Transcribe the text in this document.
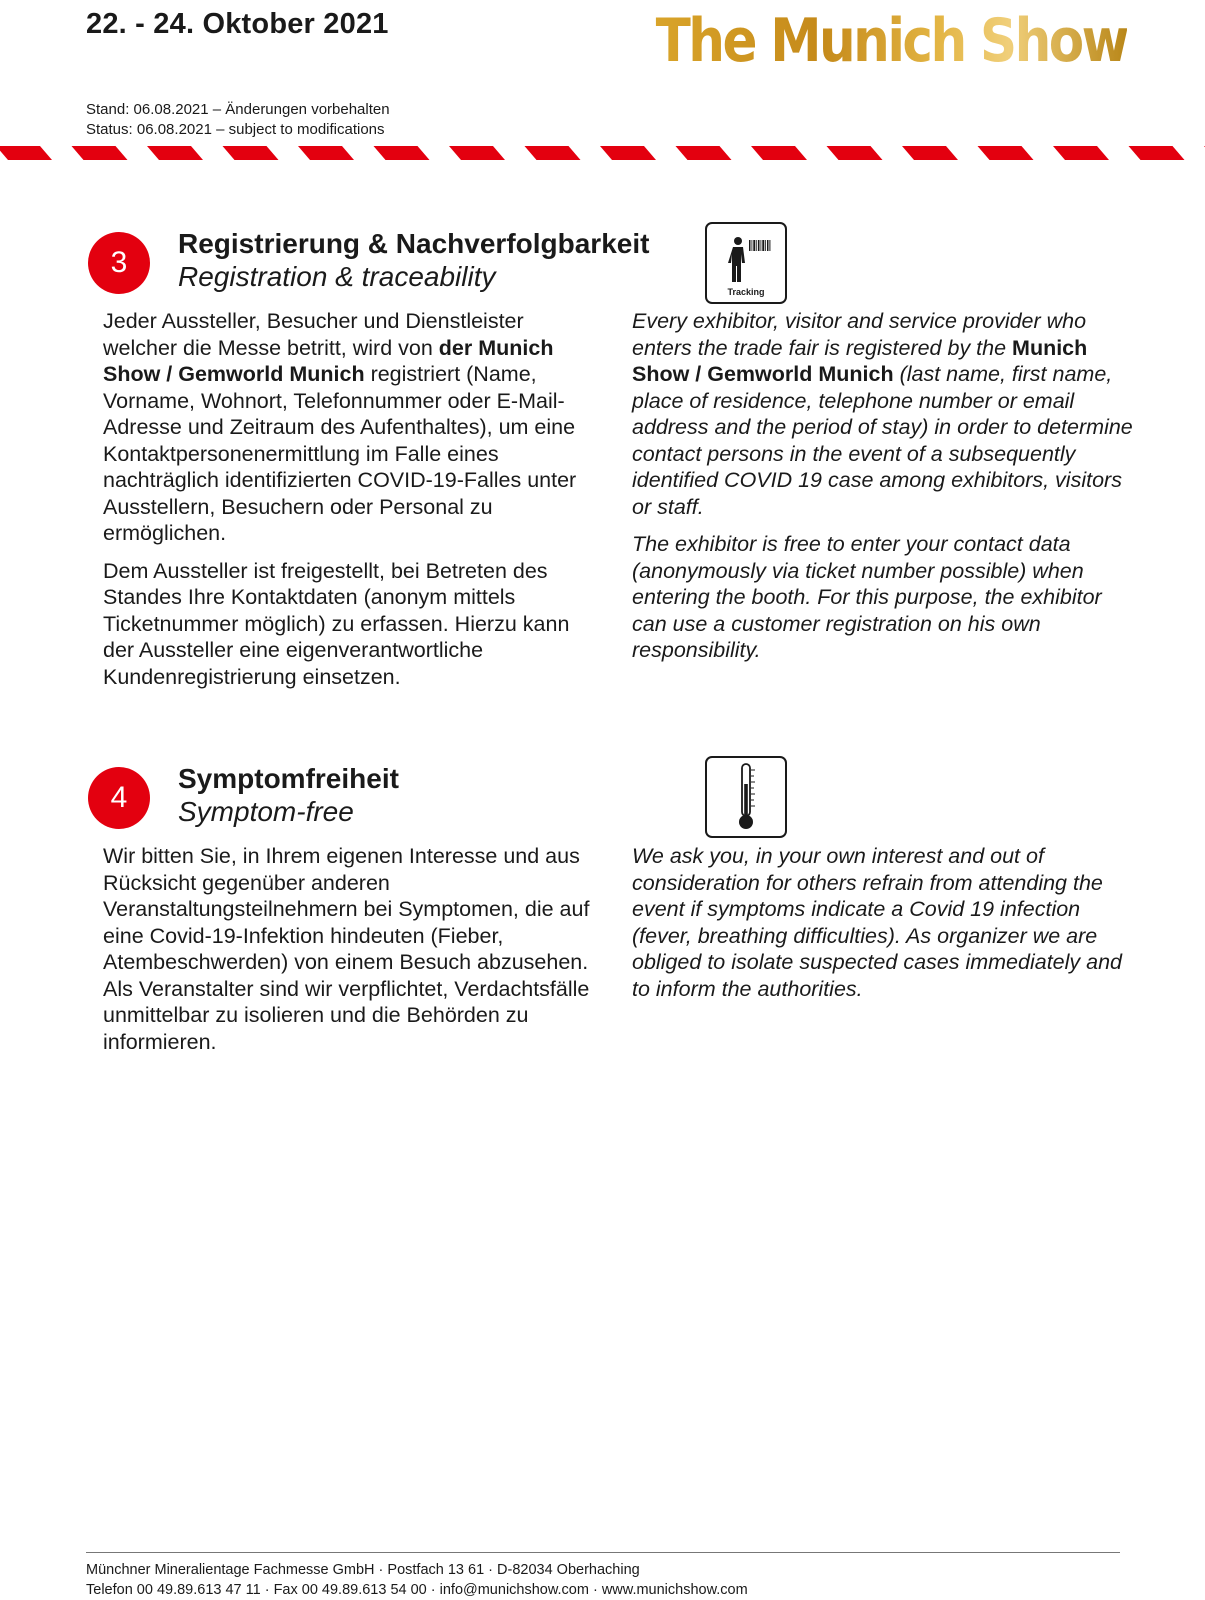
22. - 24. Oktober 2021	The Munich Show
Stand: 06.08.2021 – Änderungen vorbehalten
Status: 06.08.2021 – subject to modifications
3
Registrierung & Nachverfolgbarkeit
Registration & traceability	Tracking

Jeder Aussteller, Besucher und Dienstleister welcher die Messe betritt, wird von der Munich Show / Gemworld Munich registriert (Name, Vorname, Wohnort, Telefonnummer oder E-Mail-Adresse und Zeitraum des Aufenthaltes), um eine Kontaktpersonenermittlung im Falle eines nachträglich identifizierten COVID-19-Falles unter Ausstellern, Besuchern oder Personal zu ermöglichen.

Dem Aussteller ist freigestellt, bei Betreten des Standes Ihre Kontaktdaten (anonym mittels Ticketnummer möglich) zu erfassen. Hierzu kann der Aussteller eine eigenverantwortliche Kundenregistrierung einsetzen.

Every exhibitor, visitor and service provider who enters the trade fair is registered by the Munich Show / Gemworld Munich (last name, first name, place of residence, telephone number or email address and the period of stay) in order to determine contact persons in the event of a subsequently identified COVID 19 case among exhibitors, visitors or staff.

The exhibitor is free to enter your contact data (anonymously via ticket number possible) when entering the booth. For this purpose, the exhibitor can use a customer registration on his own responsibility.

4
Symptomfreiheit
Symptom-free

Wir bitten Sie, in Ihrem eigenen Interesse und aus Rücksicht gegenüber anderen Veranstaltungsteilnehmern bei Symptomen, die auf eine Covid-19-Infektion hindeuten (Fieber, Atembeschwerden) von einem Besuch abzusehen. Als Veranstalter sind wir verpflichtet, Verdachtsfälle unmittelbar zu isolieren und die Behörden zu informieren.

We ask you, in your own interest and out of consideration for others refrain from attending the event if symptoms indicate a Covid 19 infection (fever, breathing difficulties). As organizer we are obliged to isolate suspected cases immediately and to inform the authorities.

Münchner Mineralientage Fachmesse GmbH · Postfach 13 61 · D-82034 Oberhaching
Telefon 00 49.89.613 47 11 · Fax 00 49.89.613 54 00 · info@munichshow.com · www.munichshow.com
